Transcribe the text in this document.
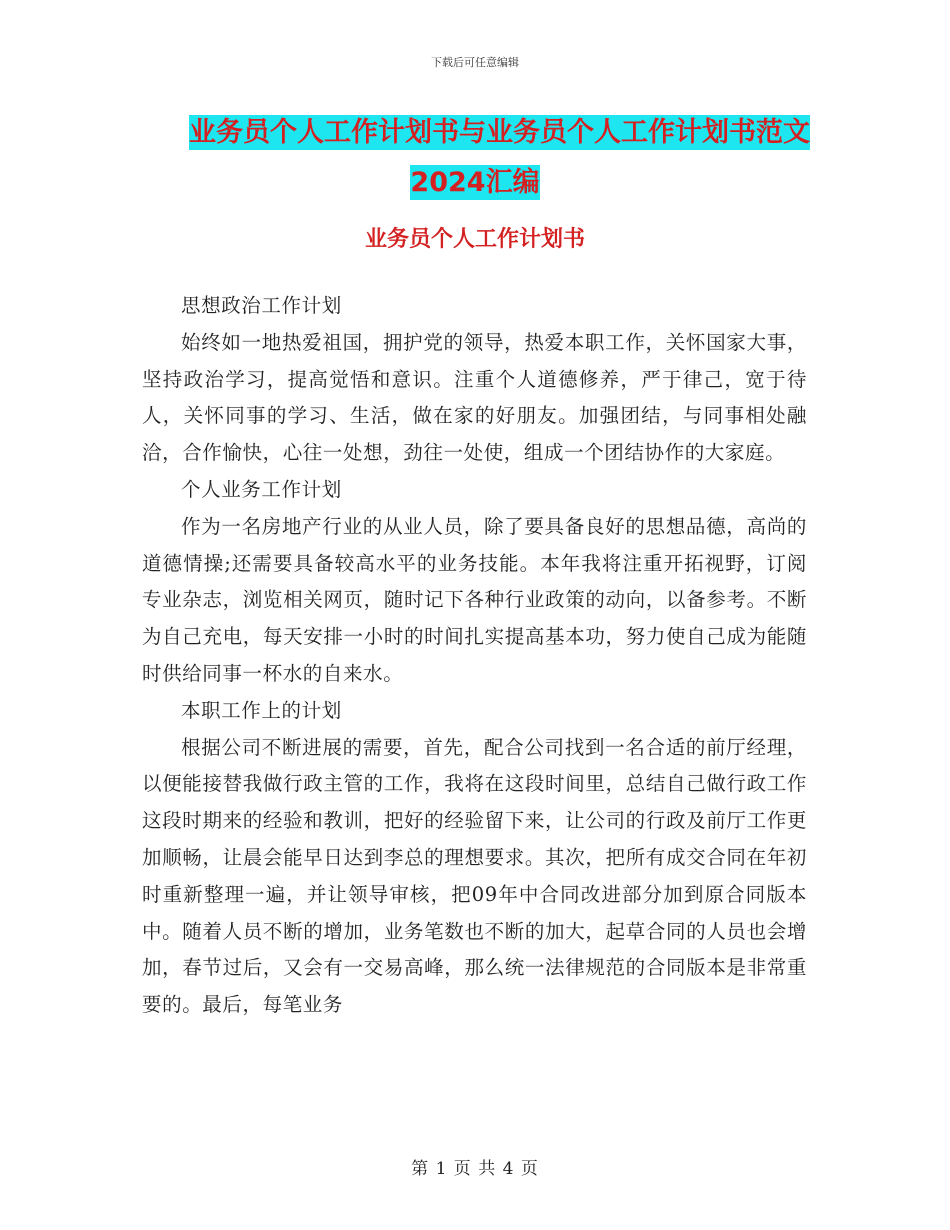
下载后可任意编辑
业务员个人工作计划书与业务员个人工作计划书范文
2024汇编
业务员个人工作计划书

思想政治工作计划

始终如一地热爱祖国，拥护党的领导，热爱本职工作，关怀国家大事，坚持政治学习，提高觉悟和意识。注重个人道德修养，严于律己，宽于待人，关怀同事的学习、生活，做在家的好朋友。加强团结，与同事相处融洽，合作愉快，心往一处想，劲往一处使，组成一个团结协作的大家庭。

个人业务工作计划

作为一名房地产行业的从业人员，除了要具备良好的思想品德，高尚的道德情操;还需要具备较高水平的业务技能。本年我将注重开拓视野，订阅专业杂志，浏览相关网页，随时记下各种行业政策的动向，以备参考。不断为自己充电，每天安排一小时的时间扎实提高基本功，努力使自己成为能随时供给同事一杯水的自来水。

本职工作上的计划

根据公司不断进展的需要，首先，配合公司找到一名合适的前厅经理，以便能接替我做行政主管的工作，我将在这段时间里，总结自己做行政工作这段时期来的经验和教训，把好的经验留下来，让公司的行政及前厅工作更加顺畅，让晨会能早日达到李总的理想要求。其次，把所有成交合同在年初时重新整理一遍，并让领导审核，把09年中合同改进部分加到原合同版本中。随着人员不断的增加，业务笔数也不断的加大，起草合同的人员也会增加，春节过后，又会有一交易高峰，那么统一法律规范的合同版本是非常重要的。最后，每笔业务

第 1 页 共 4 页
